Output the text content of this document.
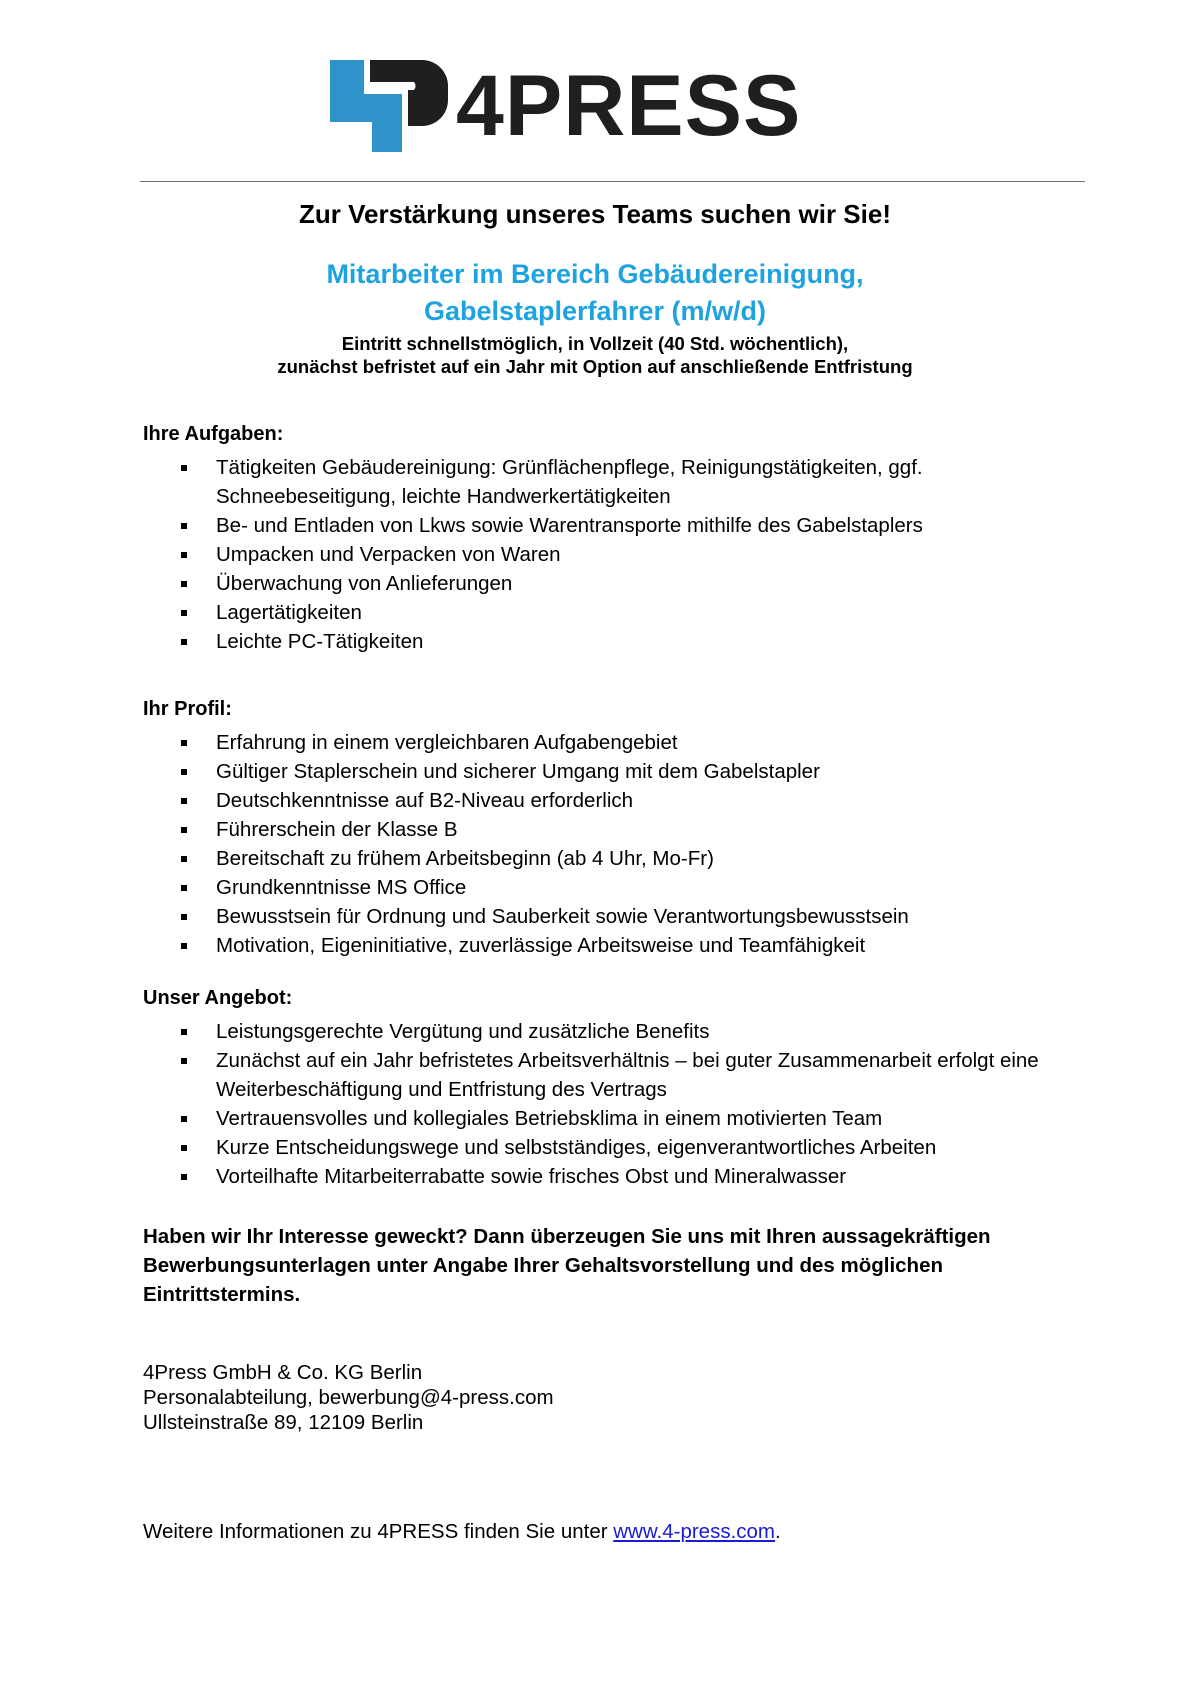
4PRESS
Zur Verstärkung unseres Teams suchen wir Sie!
Mitarbeiter im Bereich Gebäudereinigung,
Gabelstaplerfahrer (m/w/d)

Eintritt schnellstmöglich, in Vollzeit (40 Std. wöchentlich),
zunächst befristet auf ein Jahr mit Option auf anschließende Entfristung

Ihre Aufgaben:
Tätigkeiten Gebäudereinigung: Grünflächenpflege, Reinigungstätigkeiten, ggf. Schneebeseitigung, leichte Handwerkertätigkeiten
Be- und Entladen von Lkws sowie Warentransporte mithilfe des Gabelstaplers
Umpacken und Verpacken von Waren
Überwachung von Anlieferungen
Lagertätigkeiten
Leichte PC-Tätigkeiten
Ihr Profil:
Erfahrung in einem vergleichbaren Aufgabengebiet
Gültiger Staplerschein und sicherer Umgang mit dem Gabelstapler
Deutschkenntnisse auf B2-Niveau erforderlich
Führerschein der Klasse B
Bereitschaft zu frühem Arbeitsbeginn (ab 4 Uhr, Mo-Fr)
Grundkenntnisse MS Office
Bewusstsein für Ordnung und Sauberkeit sowie Verantwortungsbewusstsein
Motivation, Eigeninitiative, zuverlässige Arbeitsweise und Teamfähigkeit
Unser Angebot:
Leistungsgerechte Vergütung und zusätzliche Benefits
Zunächst auf ein Jahr befristetes Arbeitsverhältnis – bei guter Zusammenarbeit erfolgt eine Weiterbeschäftigung und Entfristung des Vertrags
Vertrauensvolles und kollegiales Betriebsklima in einem motivierten Team
Kurze Entscheidungswege und selbstständiges, eigenverantwortliches Arbeiten
Vorteilhafte Mitarbeiterrabatte sowie frisches Obst und Mineralwasser

Haben wir Ihr Interesse geweckt? Dann überzeugen Sie uns mit Ihren aussagekräftigen Bewerbungsunterlagen unter Angabe Ihrer Gehaltsvorstellung und des möglichen Eintrittstermins.

4Press GmbH & Co. KG Berlin
Personalabteilung, bewerbung@4-press.com
Ullsteinstraße 89, 12109 Berlin

Weitere Informationen zu 4PRESS finden Sie unter www.4-press.com.
